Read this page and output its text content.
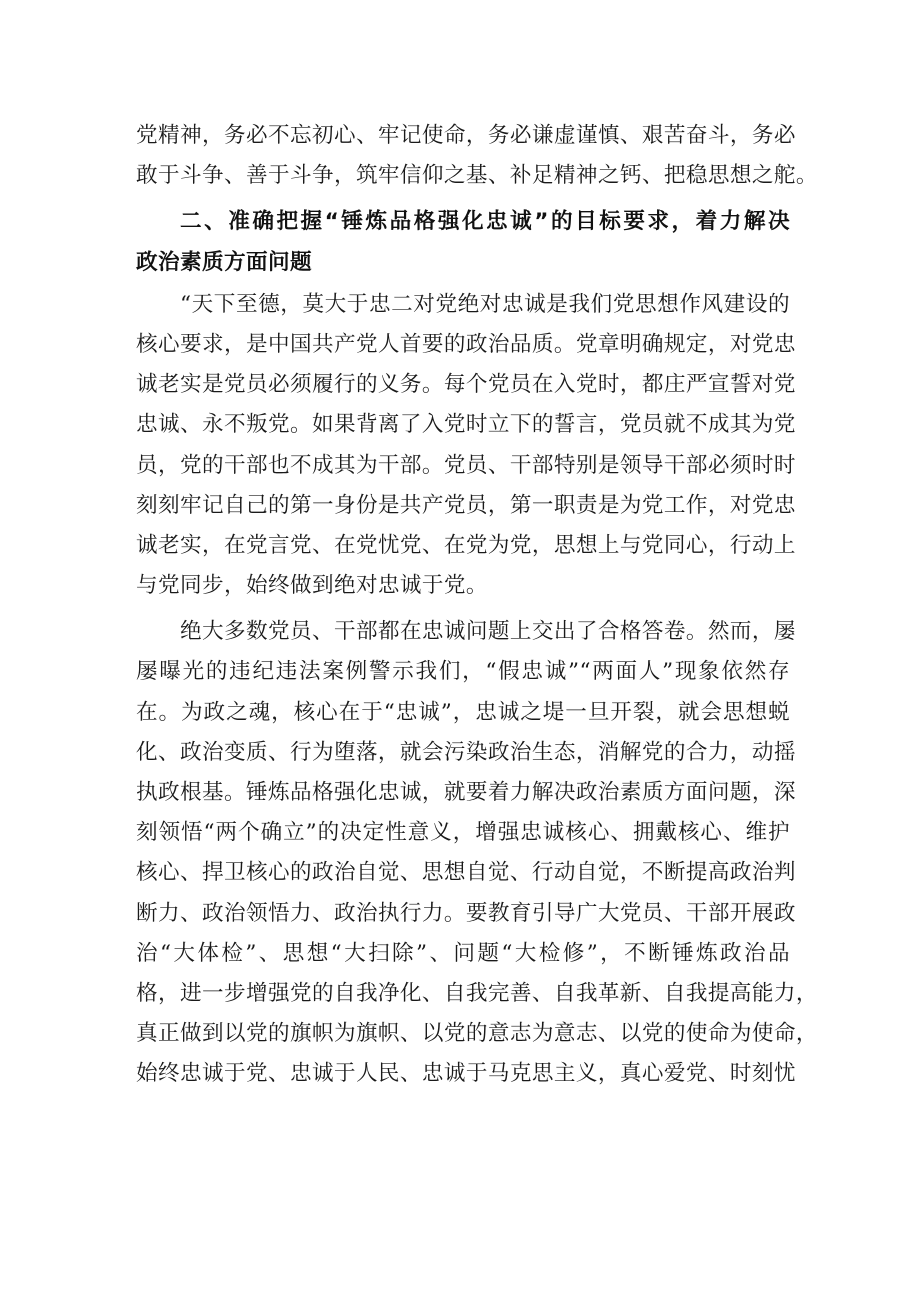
党精神，务必不忘初心、牢记使命，务必谦虚谨慎、艰苦奋斗，务必
敢于斗争、善于斗争，筑牢信仰之基、补足精神之钙、把稳思想之舵。
二、准确把握“锤炼品格强化忠诚”的目标要求，着力解决
政治素质方面问题
“天下至德，莫大于忠二对党绝对忠诚是我们党思想作风建设的
核心要求，是中国共产党人首要的政治品质。党章明确规定，对党忠
诚老实是党员必须履行的义务。每个党员在入党时，都庄严宣誓对党
忠诚、永不叛党。如果背离了入党时立下的誓言，党员就不成其为党
员，党的干部也不成其为干部。党员、干部特别是领导干部必须时时
刻刻牢记自己的第一身份是共产党员，第一职责是为党工作，对党忠
诚老实，在党言党、在党忧党、在党为党，思想上与党同心，行动上
与党同步，始终做到绝对忠诚于党。
绝大多数党员、干部都在忠诚问题上交出了合格答卷。然而，屡
屡曝光的违纪违法案例警示我们，“假忠诚”“两面人”现象依然存
在。为政之魂，核心在于“忠诚”，忠诚之堤一旦开裂，就会思想蜕
化、政治变质、行为堕落，就会污染政治生态，消解党的合力，动摇
执政根基。锤炼品格强化忠诚，就要着力解决政治素质方面问题，深
刻领悟“两个确立”的决定性意义，增强忠诚核心、拥戴核心、维护
核心、捍卫核心的政治自觉、思想自觉、行动自觉，不断提高政治判
断力、政治领悟力、政治执行力。要教育引导广大党员、干部开展政
治“大体检”、思想“大扫除”、问题“大检修”，不断锤炼政治品
格，进一步增强党的自我净化、自我完善、自我革新、自我提高能力，
真正做到以党的旗帜为旗帜、以党的意志为意志、以党的使命为使命，
始终忠诚于党、忠诚于人民、忠诚于马克思主义，真心爱党、时刻忧
